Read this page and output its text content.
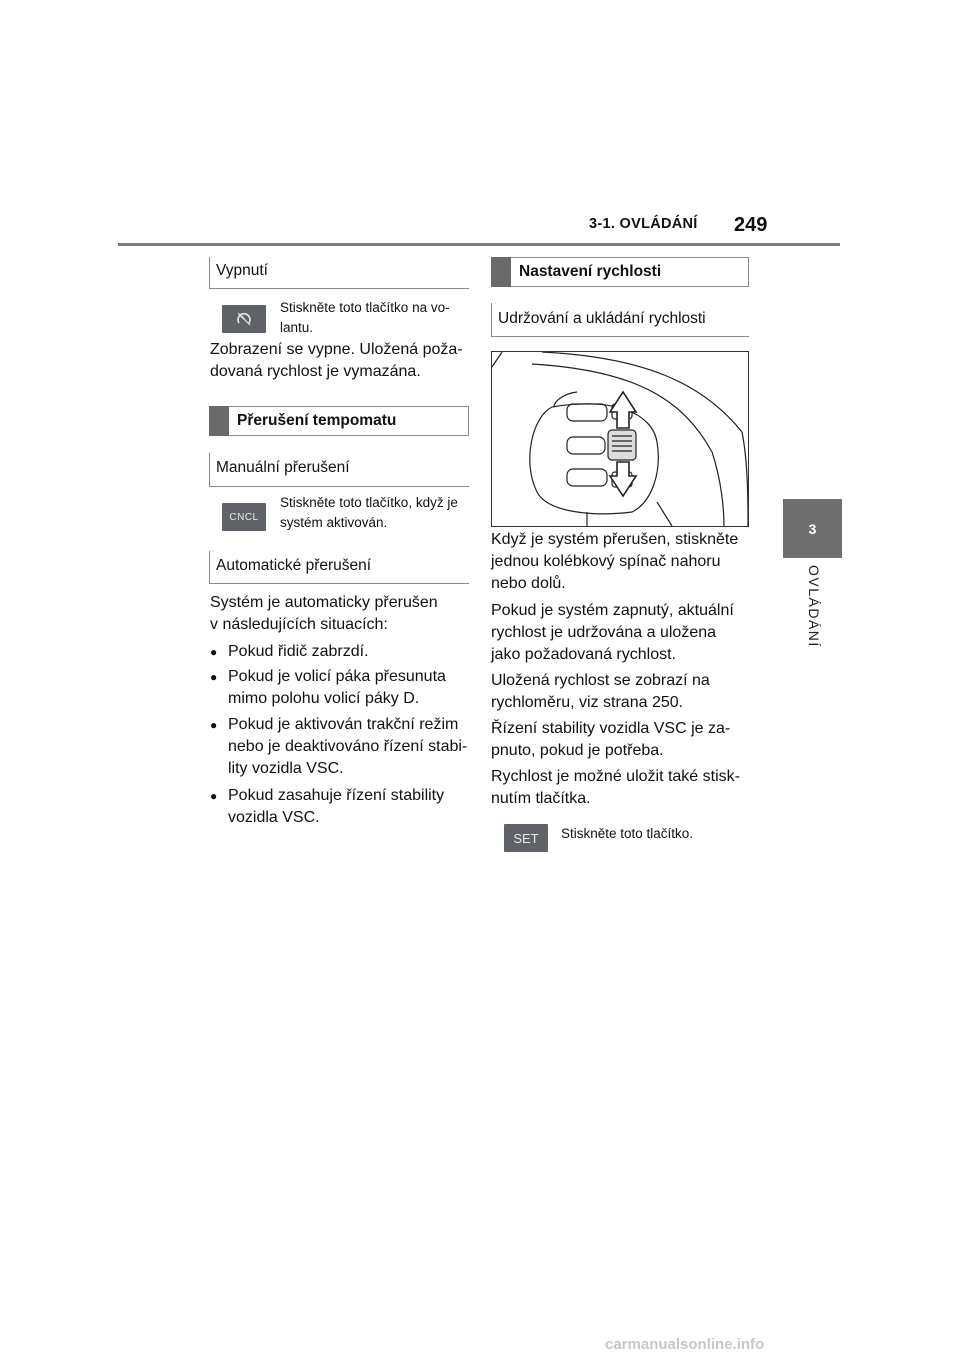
3-1. OVLÁDÁNÍ 249
3
OVLÁDÁNÍ
Vypnutí
Stiskněte toto tlačítko na vo-
lantu.
Zobrazení se vypne. Uložená poža-
dovaná rychlost je vymazána.
Přerušení tempomatu
Manuální přerušení
CNCL
Stiskněte toto tlačítko, když je
systém aktivován.
Automatické přerušení
Systém je automaticky přerušen
v následujících situacích:
● Pokud řidič zabrzdí.
● Pokud je volicí páka přesunuta
mimo polohu volicí páky D.
● Pokud je aktivován trakční režim
nebo je deaktivováno řízení stabi-
lity vozidla VSC.
● Pokud zasahuje řízení stability
vozidla VSC.
Nastavení rychlosti
Udržování a ukládání rychlosti
Když je systém přerušen, stiskněte
jednou kolébkový spínač nahoru
nebo dolů.
Pokud je systém zapnutý, aktuální
rychlost je udržována a uložena
jako požadovaná rychlost.
Uložená rychlost se zobrazí na
rychloměru, viz strana 250.
Řízení stability vozidla VSC je za-
pnuto, pokud je potřeba.
Rychlost je možné uložit také stisk-
nutím tlačítka.
SET Stiskněte toto tlačítko.
carmanualsonline.info
